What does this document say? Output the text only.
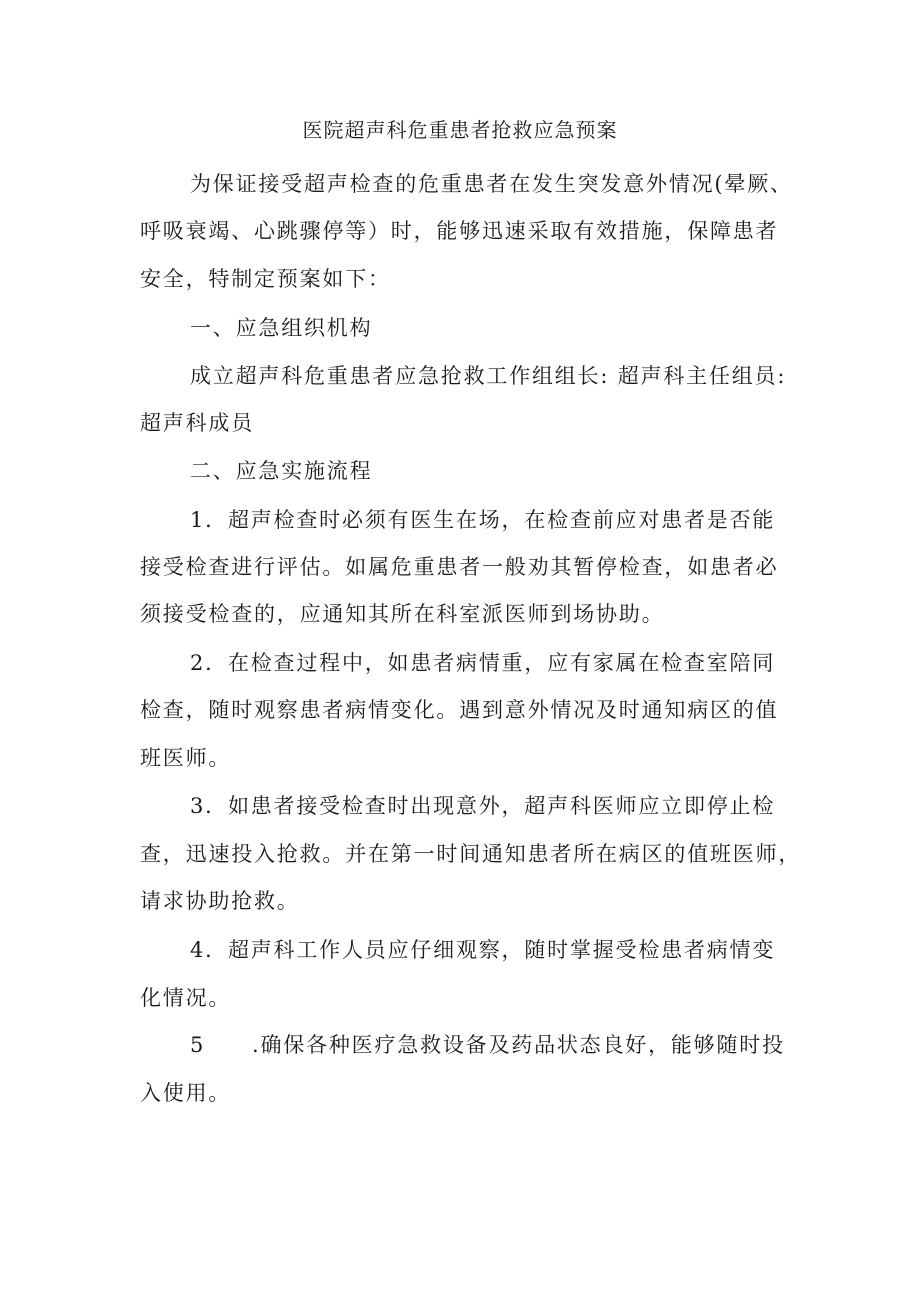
医院超声科危重患者抢救应急预案
为保证接受超声检查的危重患者在发生突发意外情况(晕厥、
呼吸衰竭、心跳骤停等）时，能够迅速采取有效措施，保障患者
安全，特制定预案如下：
一、应急组织机构
成立超声科危重患者应急抢救工作组组长: 超声科主任组员:
超声科成员
二、应急实施流程
1．超声检查时必须有医生在场，在检查前应对患者是否能
接受检查进行评估。如属危重患者一般劝其暂停检查，如患者必
须接受检查的，应通知其所在科室派医师到场协助。
2．在检查过程中，如患者病情重，应有家属在检查室陪同
检查，随时观察患者病情变化。遇到意外情况及时通知病区的值
班医师。
3．如患者接受检查时出现意外，超声科医师应立即停止检
查，迅速投入抢救。并在第一时间通知患者所在病区的值班医师，
请求协助抢救。
4．超声科工作人员应仔细观察，随时掌握受检患者病情变
化情况。
5 .确保各种医疗急救设备及药品状态良好，能够随时投
入使用。
